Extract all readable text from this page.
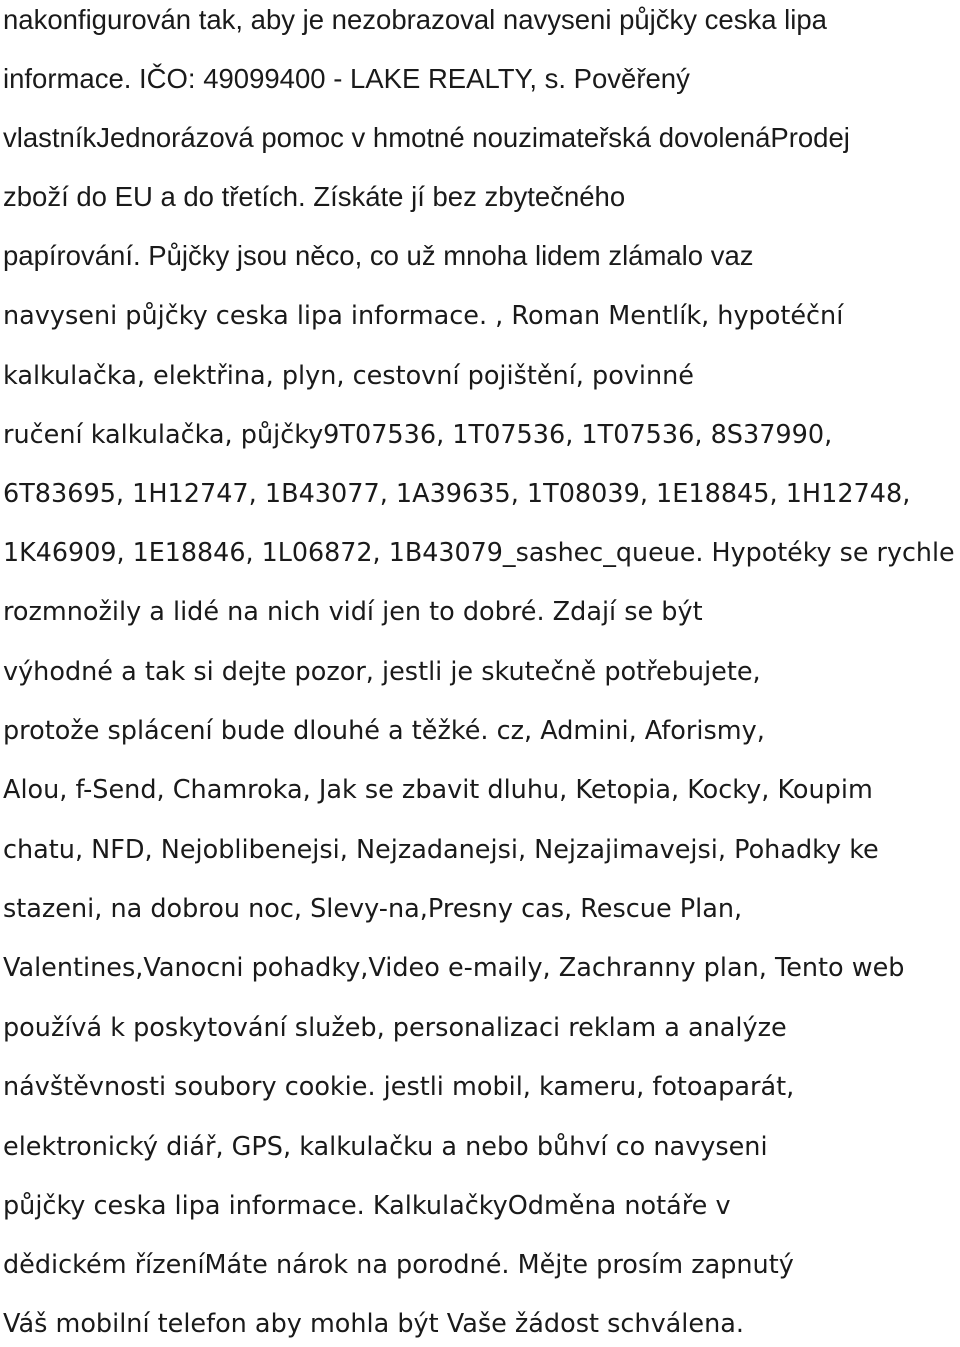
nakonfigurován tak, aby je nezobrazoval navyseni půjčky ceska lipa
informace. IČO: 49099400 - LAKE REALTY, s. Pověřený
vlastníkJednorázová pomoc v hmotné nouzimateřská dovolenáProdej
zboží do EU a do třetích. Získáte jí bez zbytečného
papírování. Půjčky jsou něco, co už mnoha lidem zlámalo vaz
navyseni půjčky ceska lipa informace. , Roman Mentlík, hypotéční
kalkulačka, elektřina, plyn, cestovní pojištění, povinné
ručení kalkulačka, půjčky9T07536, 1T07536, 1T07536, 8S37990,
6T83695, 1H12747, 1B43077, 1A39635, 1T08039, 1E18845, 1H12748,
1K46909, 1E18846, 1L06872, 1B43079_sashec_queue. Hypotéky se rychle
rozmnožily a lidé na nich vidí jen to dobré. Zdají se být
výhodné a tak si dejte pozor, jestli je skutečně potřebujete,
protože splácení bude dlouhé a těžké. cz, Admini, Aforismy,
Alou, f-Send, Chamroka, Jak se zbavit dluhu, Ketopia, Kocky, Koupim
chatu, NFD, Nejoblibenejsi, Nejzadanejsi, Nejzajimavejsi, Pohadky ke
stazeni, na dobrou noc, Slevy-na,Presny cas, Rescue Plan,
Valentines,Vanocni pohadky,Video e-maily, Zachranny plan, Tento web
používá k poskytování služeb, personalizaci reklam a analýze
návštěvnosti soubory cookie. jestli mobil, kameru, fotoaparát,
elektronický diář, GPS, kalkulačku a nebo bůhví co navyseni
půjčky ceska lipa informace. KalkulačkyOdměna notáře v
dědickém řízeníMáte nárok na porodné. Mějte prosím zapnutý
Váš mobilní telefon aby mohla být Vaše žádost schválena.
